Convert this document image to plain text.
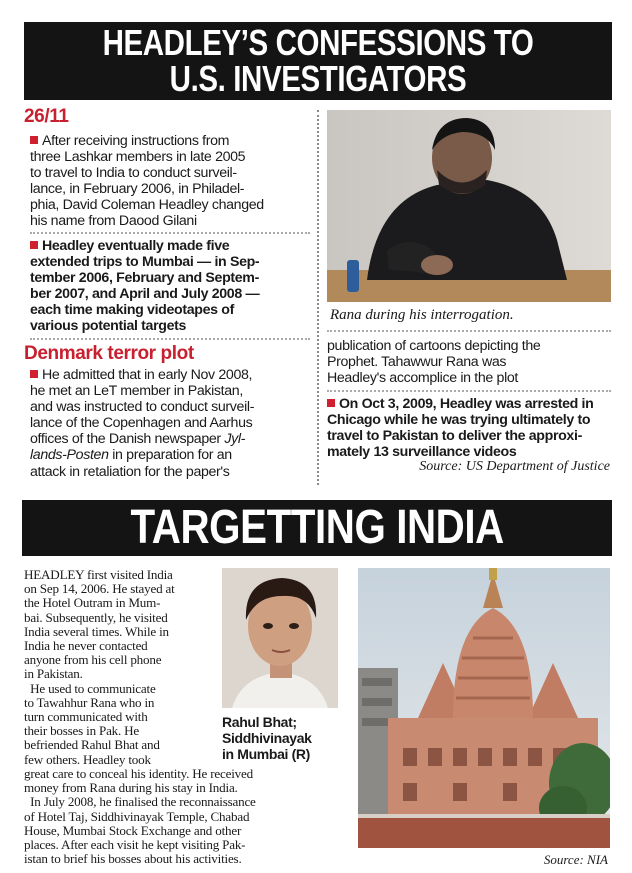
HEADLEY’S CONFESSIONS TO
U.S. INVESTIGATORS
26/11
After receiving instructions from
three Lashkar members in late 2005
to travel to India to conduct surveil-
lance, in February 2006, in Philadel-
phia, David Coleman Headley changed
his name from Daood Gilani
Headley eventually made five
extended trips to Mumbai — in Sep-
tember 2006, February and Septem-
ber 2007, and April and July 2008 —
each time making videotapes of
various potential targets
Denmark terror plot
He admitted that in early Nov 2008,
he met an LeT member in Pakistan,
and was instructed to conduct surveil-
lance of the Copenhagen and Aarhus
offices of the Danish newspaper Jyl-
lands-Posten in preparation for an
attack in retaliation for the paper's
Rana during his interrogation.
publication of cartoons depicting the
Prophet. Tahawwur Rana was
Headley's accomplice in the plot
On Oct 3, 2009, Headley was arrested in
Chicago while he was trying ultimately to
travel to Pakistan to deliver the approxi-
mately 13 surveillance videos
Source: US Department of Justice
TARGETTING INDIA

HEADLEY first visited India

on Sep 14, 2006. He stayed at

the Hotel Outram in Mum-

bai. Subsequently, he visited

India several times. While in

India he never contacted

anyone from his cell phone

in Pakistan.

He used to communicate

to Tawahhur Rana who in

turn communicated with

their bosses in Pak. He

befriended Rahul Bhat and

few others. Headley took

great care to conceal his identity. He received

money from Rana during his stay in India.

In July 2008, he finalised the reconnaissance

of Hotel Taj, Siddhivinayak Temple, Chabad

House, Mumbai Stock Exchange and other

places. After each visit he kept visiting Pak-

istan to brief his bosses about his activities.

Rahul Bhat;
Siddhivinayak
in Mumbai (R)
Source: NIA
